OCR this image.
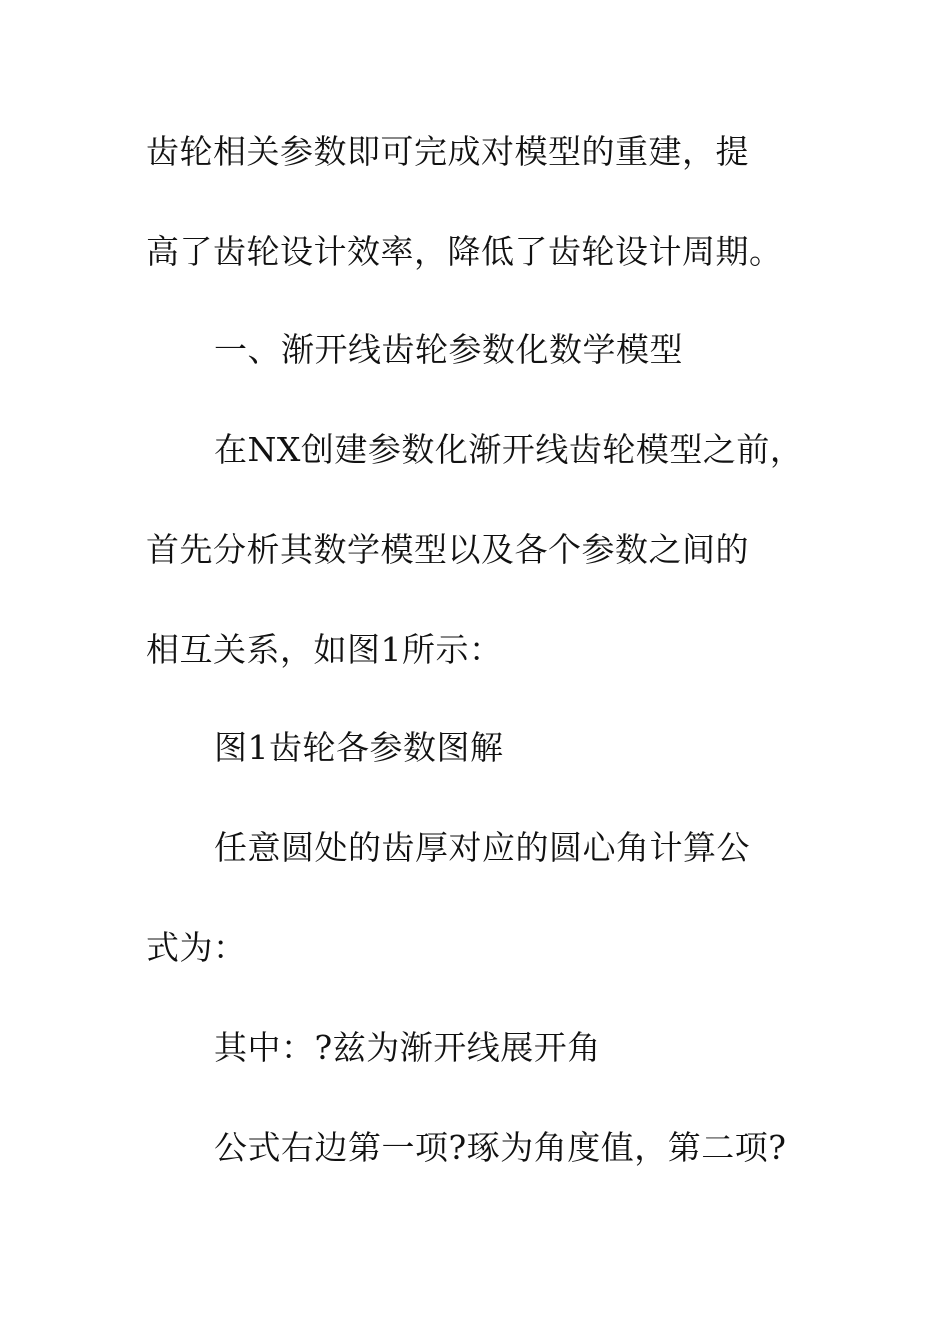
齿轮相关参数即可完成对模型的重建，提
高了齿轮设计效率，降低了齿轮设计周期。
一、渐开线齿轮参数化数学模型
在NX创建参数化渐开线齿轮模型之前，
首先分析其数学模型以及各个参数之间的
相互关系，如图1所示：
图1齿轮各参数图解
任意圆处的齿厚对应的圆心角计算公
式为：
其中：?兹为渐开线展开角
公式右边第一项?琢为角度值，第二项?
